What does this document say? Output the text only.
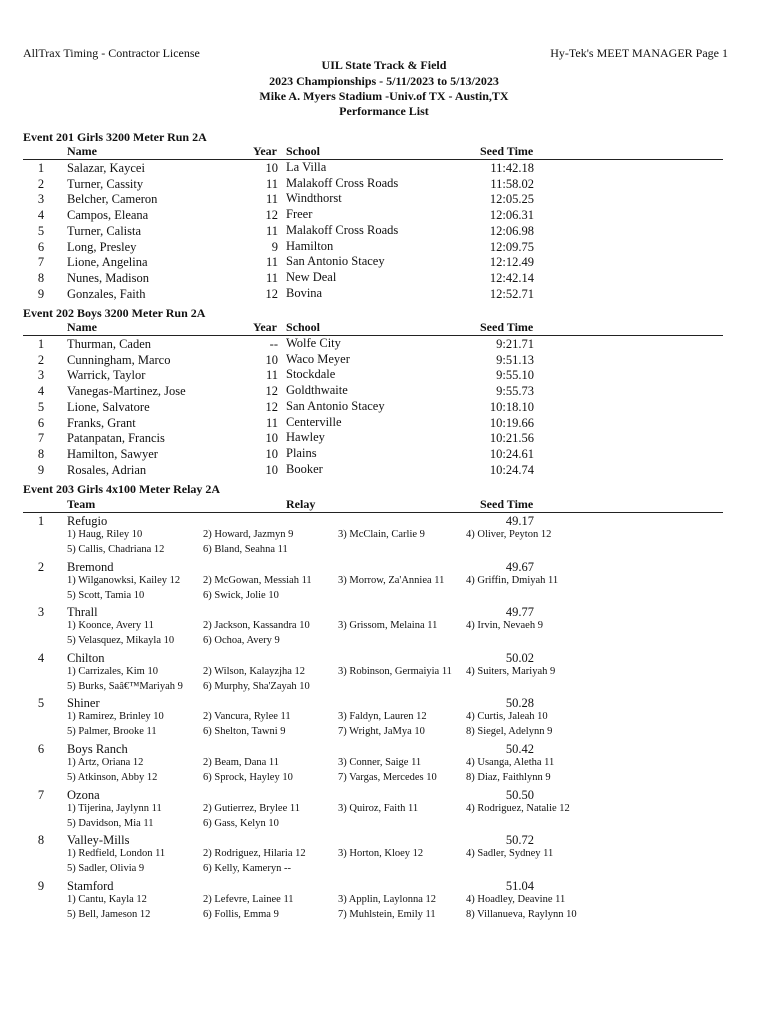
AllTrax Timing - Contractor License	Hy-Tek's MEET MANAGER Page 1
UIL State Track & Field
2023 Championships - 5/11/2023 to 5/13/2023
Mike A. Myers Stadium -Univ.of TX - Austin,TX
Performance List
Event 201 Girls 3200 Meter Run 2A
Name	Year School	Seed Time
1	Salazar, Kaycei	10 La Villa	11:42.18
2	Turner, Cassity	11 Malakoff Cross Roads	11:58.02
3	Belcher, Cameron	11 Windthorst	12:05.25
4	Campos, Eleana	12 Freer	12:06.31
5	Turner, Calista	11 Malakoff Cross Roads	12:06.98
6	Long, Presley	9 Hamilton	12:09.75
7	Lione, Angelina	11 San Antonio Stacey	12:12.49
8	Nunes, Madison	11 New Deal	12:42.14
9	Gonzales, Faith	12 Bovina	12:52.71
Event 202 Boys 3200 Meter Run 2A
Name	Year School	Seed Time
1	Thurman, Caden	-- Wolfe City	9:21.71
2	Cunningham, Marco	10 Waco Meyer	9:51.13
3	Warrick, Taylor	11 Stockdale	9:55.10
4	Vanegas-Martinez, Jose	12 Goldthwaite	9:55.73
5	Lione, Salvatore	12 San Antonio Stacey	10:18.10
6	Franks, Grant	11 Centerville	10:19.66
7	Patanpatan, Francis	10 Hawley	10:21.56
8	Hamilton, Sawyer	10 Plains	10:24.61
9	Rosales, Adrian	10 Booker	10:24.74
Event 203 Girls 4x100 Meter Relay 2A
Team	Relay	Seed Time
1	Refugio	49.17
1) Haug, Riley 10	2) Howard, Jazmyn 9	3) McClain, Carlie 9	4) Oliver, Peyton 12
5) Callis, Chadriana 12	6) Bland, Seahna 11
2	Bremond	49.67
1) Wilganowksi, Kailey 12 2) McGowan, Messiah 11	3) Morrow, Za'Anniea 11 4) Griffin, Dmiyah 11
5) Scott, Tamia 10	6) Swick, Jolie 10
3	Thrall	49.77
1) Koonce, Avery 11	2) Jackson, Kassandra 10	3) Grissom, Melaina 11	4) Irvin, Nevaeh 9
5) Velasquez, Mikayla 10	6) Ochoa, Avery 9
4	Chilton	50.02
1) Carrizales, Kim 10	2) Wilson, Kalayzjha 12	3) Robinson, Germaiyia 11 4) Suiters, Mariyah 9
5) Burks, Saâ€™Mariyah 9 6) Murphy, Sha'Zayah 10
5	Shiner	50.28
1) Ramirez, Brinley 10	2) Vancura, Rylee 11	3) Faldyn, Lauren 12	4) Curtis, Jaleah 10
5) Palmer, Brooke 11	6) Shelton, Tawni 9	7) Wright, JaMya 10	8) Siegel, Adelynn 9
6	Boys Ranch	50.42
1) Artz, Oriana 12	2) Beam, Dana 11	3) Conner, Saige 11	4) Usanga, Aletha 11
5) Atkinson, Abby 12	6) Sprock, Hayley 10	7) Vargas, Mercedes 10	8) Diaz, Faithlynn 9
7	Ozona	50.50
1) Tijerina, Jaylynn 11	2) Gutierrez, Brylee 11	3) Quiroz, Faith 11	4) Rodriguez, Natalie 12
5) Davidson, Mia 11	6) Gass, Kelyn 10
8	Valley-Mills	50.72
1) Redfield, London 11	2) Rodriguez, Hilaria 12	3) Horton, Kloey 12	4) Sadler, Sydney 11
5) Sadler, Olivia 9	6) Kelly, Kameryn --
9	Stamford	51.04
1) Cantu, Kayla 12	2) Lefevre, Lainee 11	3) Applin, Laylonna 12	4) Hoadley, Deavine 11
5) Bell, Jameson 12	6) Follis, Emma 9	7) Muhlstein, Emily 11	8) Villanueva, Raylynn 10
